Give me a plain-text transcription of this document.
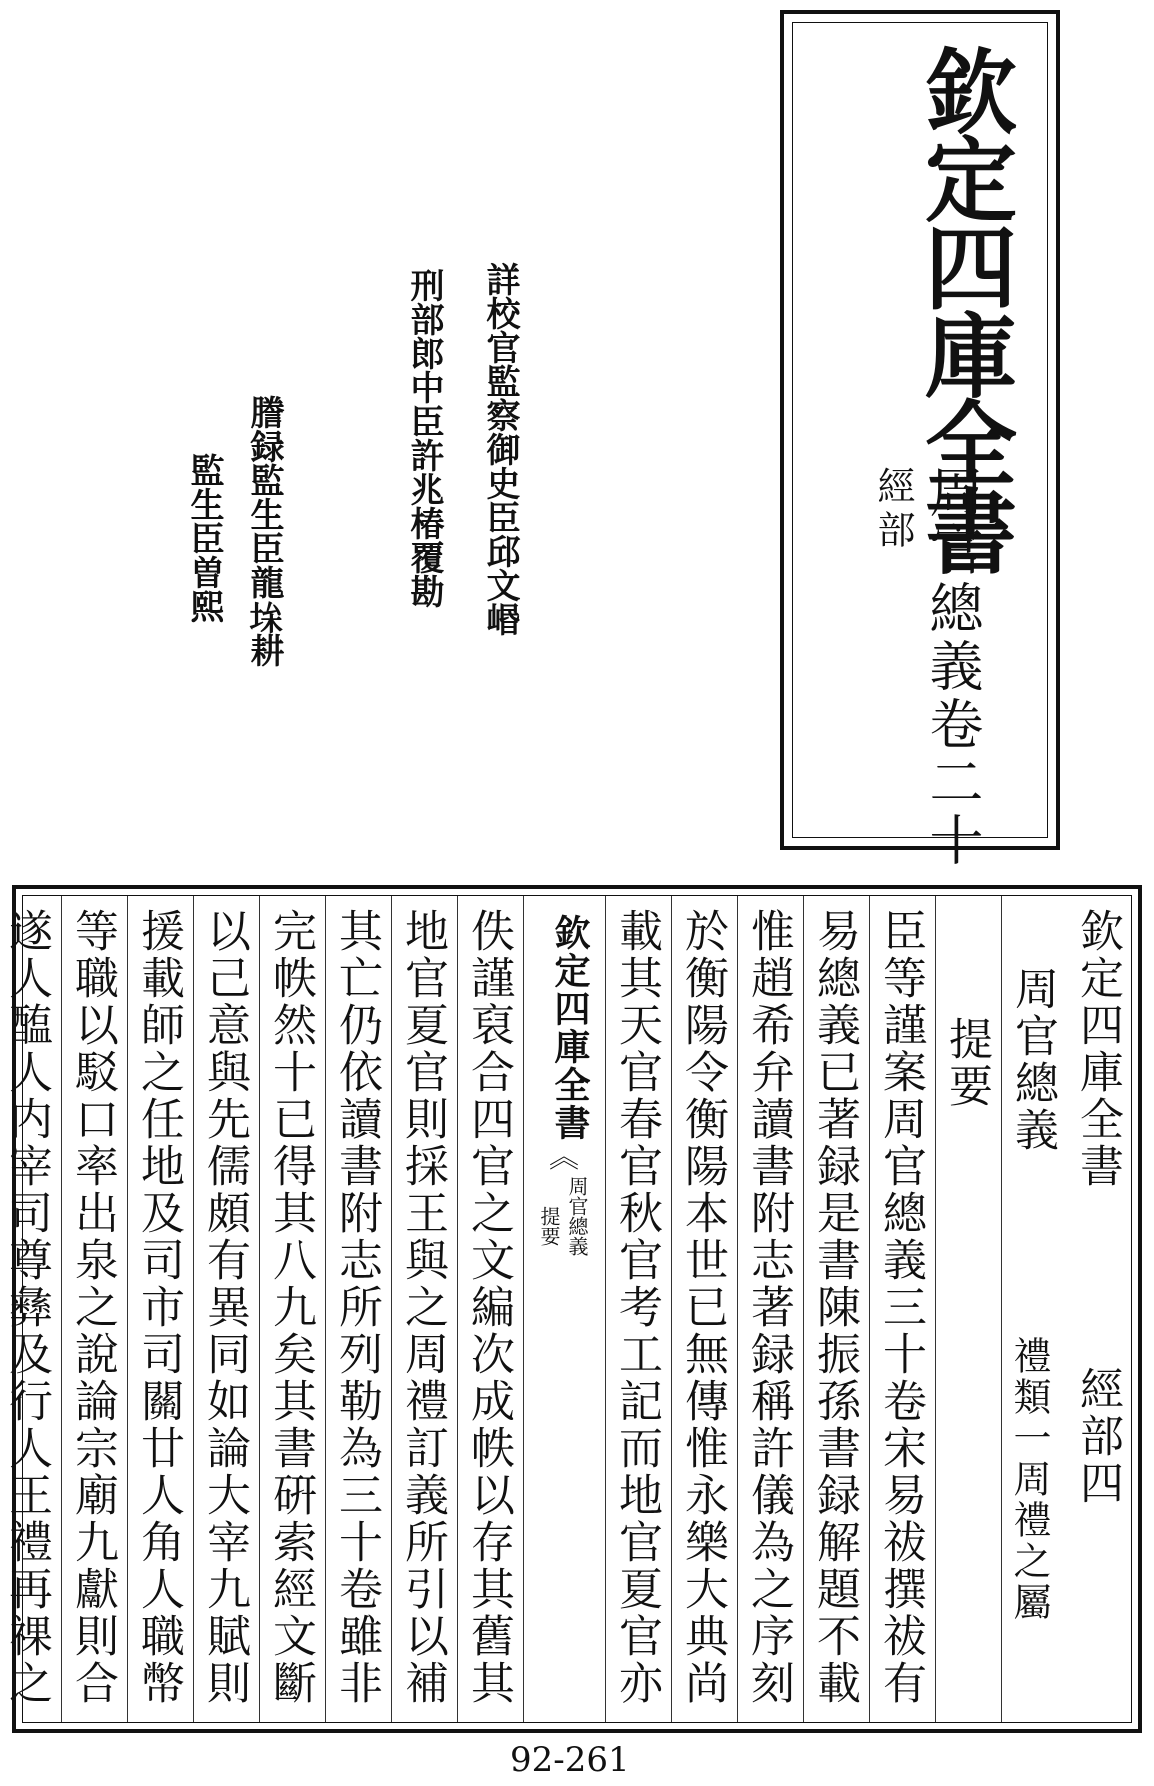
欽定四庫全書
經部 周官總義卷二十
詳校官監察御史臣邱文㟭
刑部郎中臣許兆椿覆勘
謄録監生臣龍𡋠耕
監生臣曽熙
欽定四庫全書
經部四
周官總義
禮類一周禮之屬
提要
臣等謹案周官總義三十卷宋易祓撰祓有
易總義已著録是書陳振孫書録解題不載
惟趙希弁讀書附志著録稱許儀為之序刻
於衡陽令衡陽本世已無傳惟永樂大典尚
載其天官春官秋官考工記而地官夏官亦
佚謹裒合四官之文編次成帙以存其舊其
地官夏官則採王與之周禮訂義所引以補
其亡仍依讀書附志所列勒為三十卷雖非
完帙然十已得其八九矣其書硏索經文斷
以己意與先儒頗有異同如論大宰九賦則
援載師之任地及司市司關廿人角人職幣
等職以駁口率出泉之說論宗廟九獻則合
遂人醢人内宰司尊彝及行人王禮再祼之	欽定四庫全書
︽
周官總義
提要
92-261
